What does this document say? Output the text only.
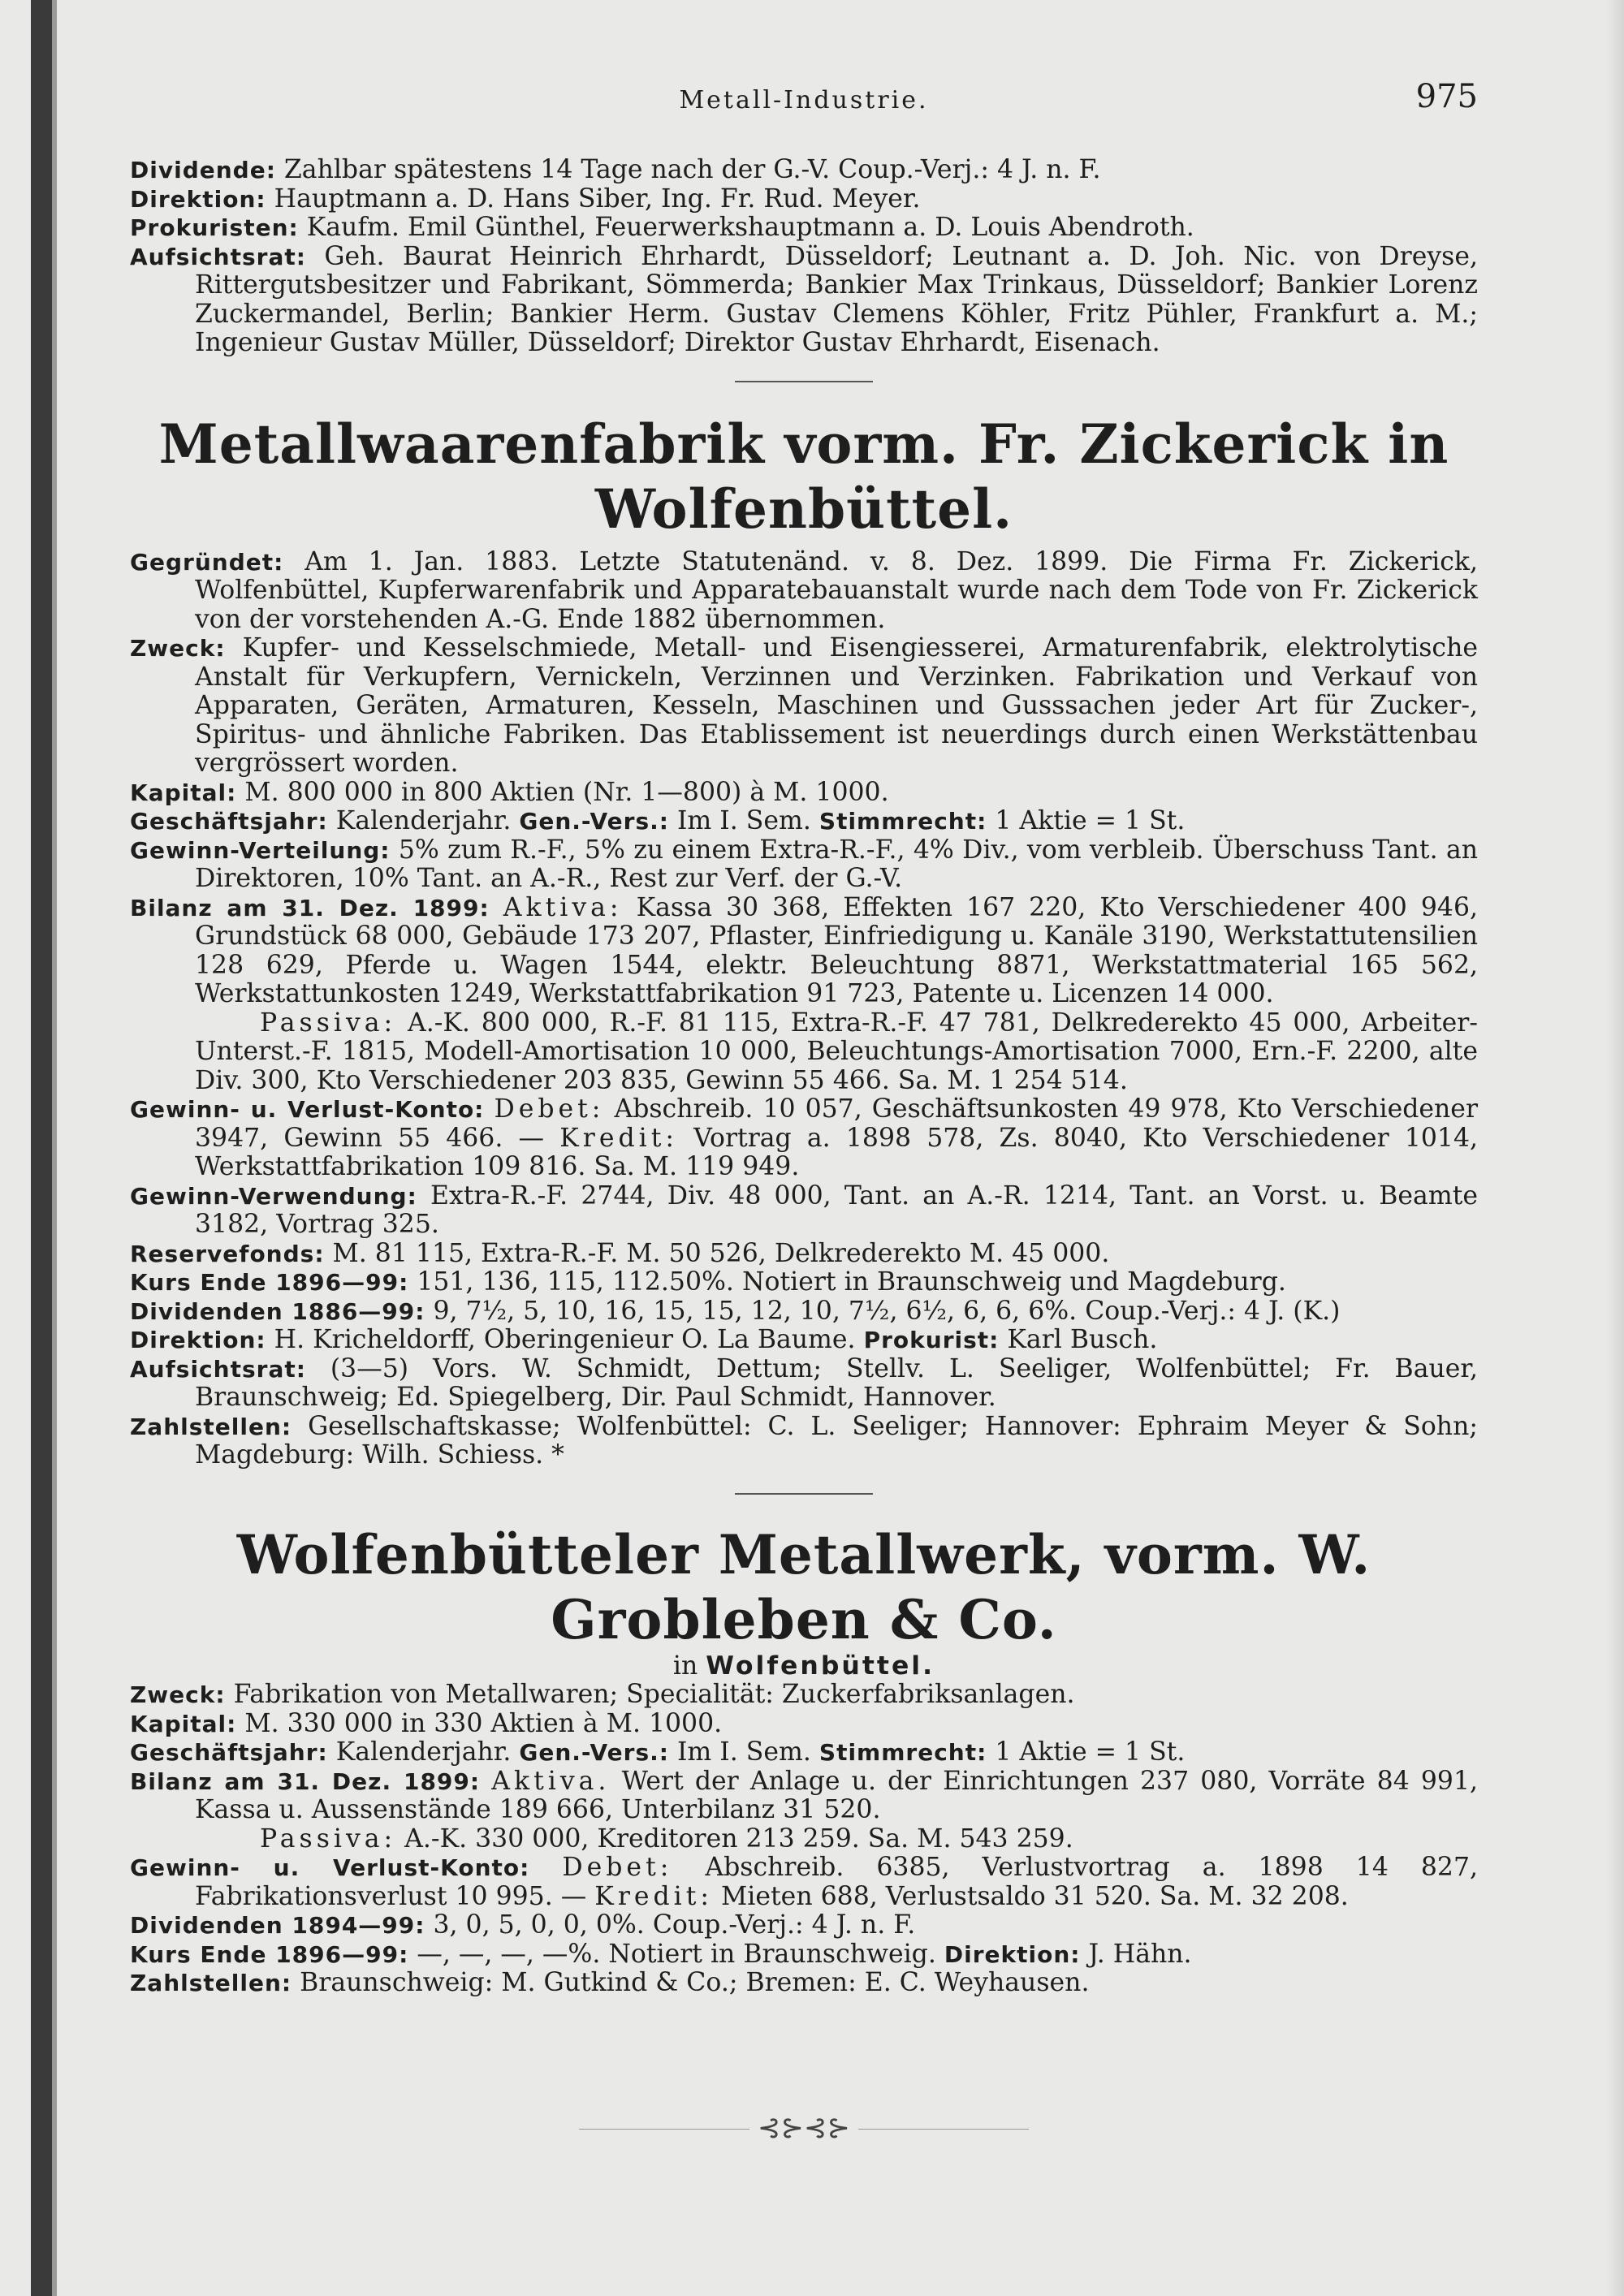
Metall-Industrie.	975

Dividende: Zahlbar spätestens 14 Tage nach der G.-V. Coup.-Verj.: 4 J. n. F.

Direktion: Hauptmann a. D. Hans Siber, Ing. Fr. Rud. Meyer.

Prokuristen: Kaufm. Emil Günthel, Feuerwerkshauptmann a. D. Louis Abendroth.

Aufsichtsrat: Geh. Baurat Heinrich Ehrhardt, Düsseldorf; Leutnant a. D. Joh. Nic. von Dreyse, Rittergutsbesitzer und Fabrikant, Sömmerda; Bankier Max Trinkaus, Düsseldorf; Bankier Lorenz Zuckermandel, Berlin; Bankier Herm. Gustav Clemens Köhler, Fritz Pühler, Frankfurt a. M.; Ingenieur Gustav Müller, Düsseldorf; Direktor Gustav Ehrhardt, Eisenach.

Metallwaarenfabrik vorm. Fr. Zickerick in Wolfenbüttel.

Gegründet: Am 1. Jan. 1883. Letzte Statutenänd. v. 8. Dez. 1899. Die Firma Fr. Zickerick, Wolfenbüttel, Kupferwarenfabrik und Apparatebauanstalt wurde nach dem Tode von Fr. Zickerick von der vorstehenden A.-G. Ende 1882 übernommen.

Zweck: Kupfer- und Kesselschmiede, Metall- und Eisengiesserei, Armaturenfabrik, elektrolytische Anstalt für Verkupfern, Vernickeln, Verzinnen und Verzinken. Fabrikation und Verkauf von Apparaten, Geräten, Armaturen, Kesseln, Maschinen und Gusssachen jeder Art für Zucker-, Spiritus- und ähnliche Fabriken. Das Etablissement ist neuerdings durch einen Werkstättenbau vergrössert worden.

Kapital: M. 800 000 in 800 Aktien (Nr. 1—800) à M. 1000.

Geschäftsjahr: Kalenderjahr. Gen.-Vers.: Im I. Sem. Stimmrecht: 1 Aktie = 1 St.

Gewinn-Verteilung: 5% zum R.-F., 5% zu einem Extra-R.-F., 4% Div., vom verbleib. Überschuss Tant. an Direktoren, 10% Tant. an A.-R., Rest zur Verf. der G.-V.

Bilanz am 31. Dez. 1899: Aktiva: Kassa 30 368, Effekten 167 220, Kto Verschiedener 400 946, Grundstück 68 000, Gebäude 173 207, Pflaster, Einfriedigung u. Kanäle 3190, Werkstattutensilien 128 629, Pferde u. Wagen 1544, elektr. Beleuchtung 8871, Werkstattmaterial 165 562, Werkstattunkosten 1249, Werkstattfabrikation 91 723, Patente u. Licenzen 14 000.

Passiva: A.-K. 800 000, R.-F. 81 115, Extra-R.-F. 47 781, Delkrederekto 45 000, Arbeiter-Unterst.-F. 1815, Modell-Amortisation 10 000, Beleuchtungs-Amortisation 7000, Ern.-F. 2200, alte Div. 300, Kto Verschiedener 203 835, Gewinn 55 466. Sa. M. 1 254 514.

Gewinn- u. Verlust-Konto: Debet: Abschreib. 10 057, Geschäftsunkosten 49 978, Kto Verschiedener 3947, Gewinn 55 466. — Kredit: Vortrag a. 1898 578, Zs. 8040, Kto Verschiedener 1014, Werkstattfabrikation 109 816. Sa. M. 119 949.

Gewinn-Verwendung: Extra-R.-F. 2744, Div. 48 000, Tant. an A.-R. 1214, Tant. an Vorst. u. Beamte 3182, Vortrag 325.

Reservefonds: M. 81 115, Extra-R.-F. M. 50 526, Delkrederekto M. 45 000.

Kurs Ende 1896—99: 151, 136, 115, 112.50%. Notiert in Braunschweig und Magdeburg.

Dividenden 1886—99: 9, 7½, 5, 10, 16, 15, 15, 12, 10, 7½, 6½, 6, 6, 6%. Coup.-Verj.: 4 J. (K.)

Direktion: H. Kricheldorff, Oberingenieur O. La Baume. Prokurist: Karl Busch.

Aufsichtsrat: (3—5) Vors. W. Schmidt, Dettum; Stellv. L. Seeliger, Wolfenbüttel; Fr. Bauer, Braunschweig; Ed. Spiegelberg, Dir. Paul Schmidt, Hannover.

Zahlstellen: Gesellschaftskasse; Wolfenbüttel: C. L. Seeliger; Hannover: Ephraim Meyer & Sohn; Magdeburg: Wilh. Schiess. *

Wolfenbütteler Metallwerk, vorm. W. Grobleben & Co.

in Wolfenbüttel.

Zweck: Fabrikation von Metallwaren; Specialität: Zuckerfabriksanlagen.

Kapital: M. 330 000 in 330 Aktien à M. 1000.

Geschäftsjahr: Kalenderjahr. Gen.-Vers.: Im I. Sem. Stimmrecht: 1 Aktie = 1 St.

Bilanz am 31. Dez. 1899: Aktiva. Wert der Anlage u. der Einrichtungen 237 080, Vorräte 84 991, Kassa u. Aussenstände 189 666, Unterbilanz 31 520.

Passiva: A.-K. 330 000, Kreditoren 213 259. Sa. M. 543 259.

Gewinn- u. Verlust-Konto: Debet: Abschreib. 6385, Verlustvortrag a. 1898 14 827, Fabrikationsverlust 10 995. — Kredit: Mieten 688, Verlustsaldo 31 520. Sa. M. 32 208.

Dividenden 1894—99: 3, 0, 5, 0, 0, 0%. Coup.-Verj.: 4 J. n. F.

Kurs Ende 1896—99: —, —, —, —%. Notiert in Braunschweig. Direktion: J. Hähn.

Zahlstellen: Braunschweig: M. Gutkind & Co.; Bremen: E. C. Weyhausen.

⊰⊱⊰⊱
